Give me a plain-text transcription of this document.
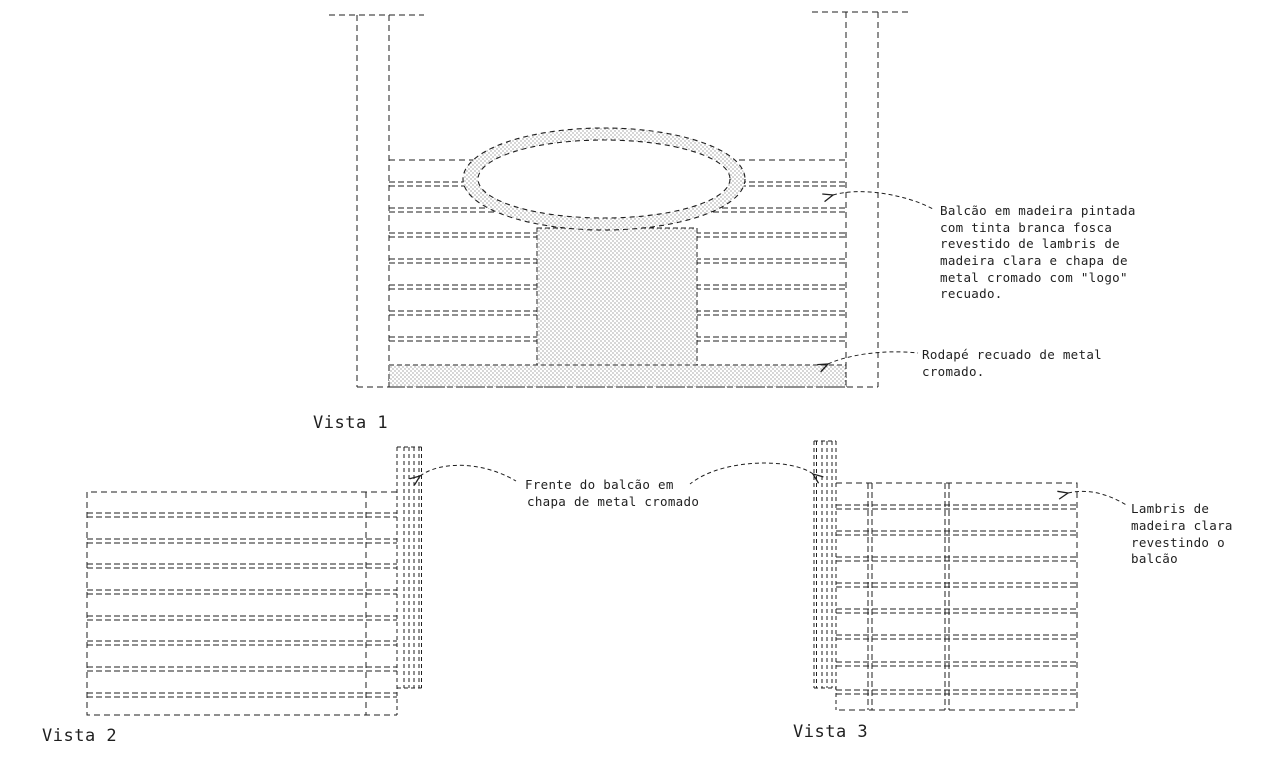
Vista 1
Vista 2	Vista 3
Balcão em madeira pintada
com tinta branca fosca
revestido de lambris de
madeira clara e chapa de
metal cromado com "logo"
recuado.
Rodapé recuado de metal
cromado.
Frente do balcão em
chapa de metal cromado	Lambris de
madeira clara
revestindo o
balcão
